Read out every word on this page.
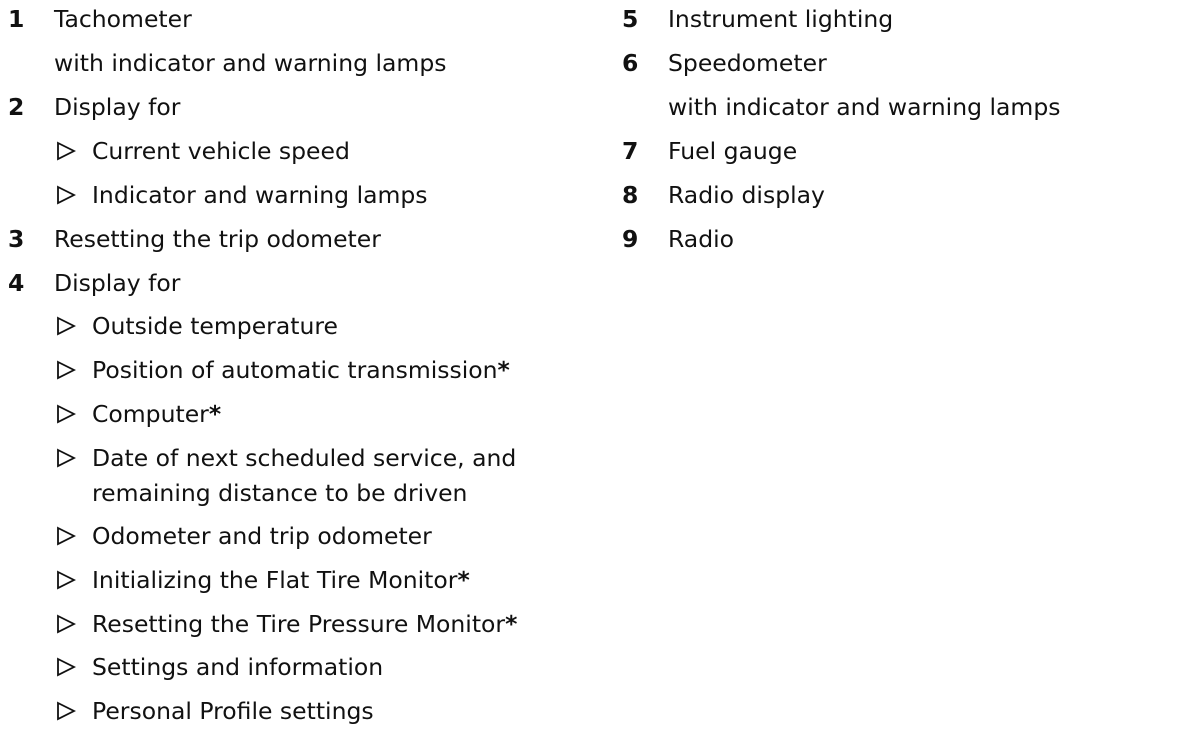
1 Tachometer
with indicator and warning lamps
2 Display for
Current vehicle speed
Indicator and warning lamps
3 Resetting the trip odometer
4 Display for
Outside temperature
Position of automatic transmission*
Computer*
Date of next scheduled service, and
remaining distance to be driven
Odometer and trip odometer
Initializing the Flat Tire Monitor*
Resetting the Tire Pressure Monitor*
Settings and information
Personal Profile settings
5 Instrument lighting
6 Speedometer
with indicator and warning lamps
7 Fuel gauge
8 Radio display
9 Radio
